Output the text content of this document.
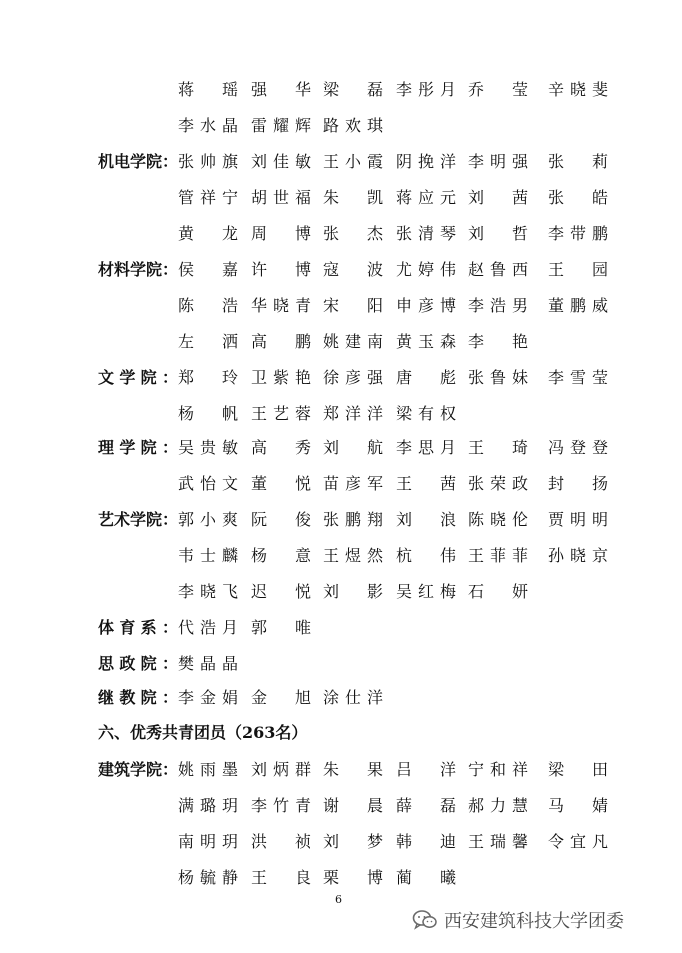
蒋　瑶 强　华 梁　磊 李彤月 乔　莹 辛晓斐
李水晶 雷耀辉 路欢琪
机电学院： 张帅旗 刘佳敏 王小霞 阴挽洋 李明强 张　莉
管祥宁 胡世福 朱　凯 蒋应元 刘　茜 张　皓
黄　龙 周　博 张　杰 张清琴 刘　哲 李带鹏
材料学院： 侯　嘉 许　博 寇　波 尤婷伟 赵鲁西 王　园
陈　浩 华晓青 宋　阳 申彦博 李浩男 董鹏威
左　洒 高　鹏 姚建南 黄玉森 李　艳
文学院： 郑　玲 卫紫艳 徐彦强 唐　彪 张鲁妹 李雪莹
杨　帆 王艺蓉 郑洋洋 梁有权
理学院： 吴贵敏 高　秀 刘　航 李思月 王　琦 冯登登
武怡文 董　悦 苗彦军 王　茜 张荣政 封　扬
艺术学院： 郭小爽 阮　俊 张鹏翔 刘　浪 陈晓伦 贾明明
韦士麟 杨　意 王煜然 杭　伟 王菲菲 孙晓京
李晓飞 迟　悦 刘　影 吴红梅 石　妍
体育系： 代浩月 郭　唯
思政院： 樊晶晶
继教院： 李金娟 金　旭 涂仕洋
建筑学院： 姚雨墨 刘炳群 朱　果 吕　洋 宁和祥 梁　田
满璐玥 李竹青 谢　晨 薛　磊 郝力慧 马　婧
南明玥 洪　祯 刘　梦 韩　迪 王瑞馨 令宜凡
杨毓静 王　良 栗　博 蔺　曦
六、优秀共青团员（263名）
6
西安建筑科技大学团委
